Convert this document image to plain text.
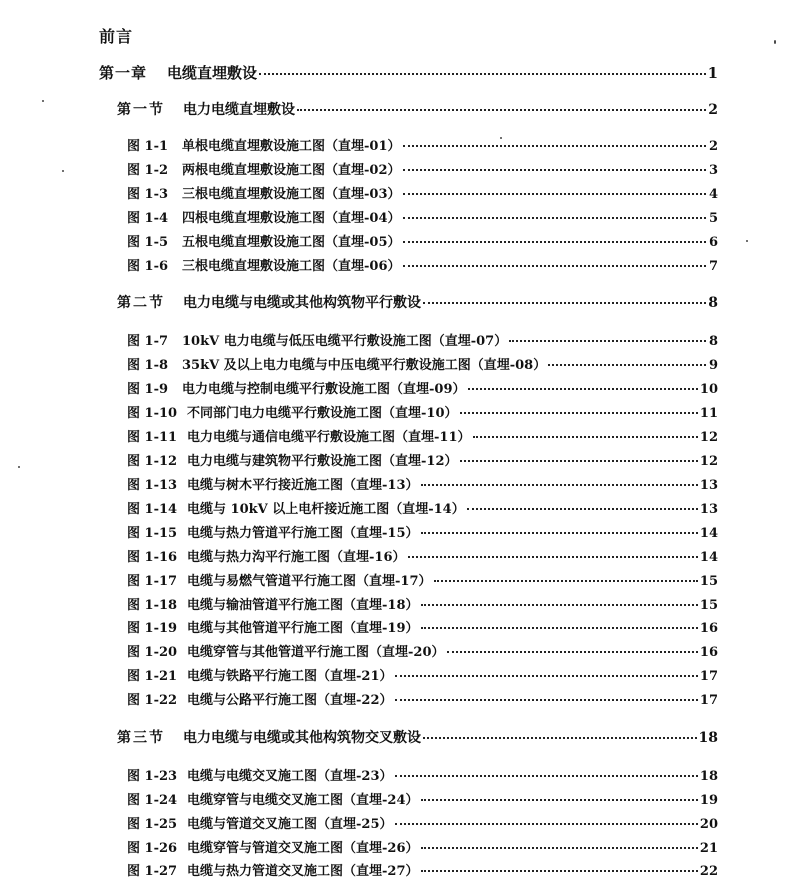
前言
第一章	电缆直埋敷设	1
第一节	电力电缆直埋敷设	2
图 1-1	单根电缆直埋敷设施工图（直埋-01）	2
图 1-2	两根电缆直埋敷设施工图（直埋-02）	3
图 1-3	三根电缆直埋敷设施工图（直埋-03）	4
图 1-4	四根电缆直埋敷设施工图（直埋-04）	5
图 1-5	五根电缆直埋敷设施工图（直埋-05）	6
图 1-6	三根电缆直埋敷设施工图（直埋-06）	7
第二节	电力电缆与电缆或其他构筑物平行敷设	8
图 1-7	10kV 电力电缆与低压电缆平行敷设施工图（直埋-07）	8
图 1-8	35kV 及以上电力电缆与中压电缆平行敷设施工图（直埋-08）	9
图 1-9	电力电缆与控制电缆平行敷设施工图（直埋-09）	10
图 1-10 不同部门电力电缆平行敷设施工图（直埋-10）	11
图 1-11 电力电缆与通信电缆平行敷设施工图（直埋-11）	12
图 1-12 电力电缆与建筑物平行敷设施工图（直埋-12）	12
图 1-13 电缆与树木平行接近施工图（直埋-13）	13
图 1-14 电缆与 10kV 以上电杆接近施工图（直埋-14）	13
图 1-15 电缆与热力管道平行施工图（直埋-15）	14
图 1-16 电缆与热力沟平行施工图（直埋-16）	14
图 1-17 电缆与易燃气管道平行施工图（直埋-17）	15
图 1-18 电缆与输油管道平行施工图（直埋-18）	15
图 1-19 电缆与其他管道平行施工图（直埋-19）	16
图 1-20 电缆穿管与其他管道平行施工图（直埋-20）	16
图 1-21 电缆与铁路平行施工图（直埋-21）	17
图 1-22 电缆与公路平行施工图（直埋-22）	17
第三节	电力电缆与电缆或其他构筑物交叉敷设	18
图 1-23 电缆与电缆交叉施工图（直埋-23）	18
图 1-24 电缆穿管与电缆交叉施工图（直埋-24）	19
图 1-25 电缆与管道交叉施工图（直埋-25）	20
图 1-26 电缆穿管与管道交叉施工图（直埋-26）	21
图 1-27 电缆与热力管道交叉施工图（直埋-27）	22
